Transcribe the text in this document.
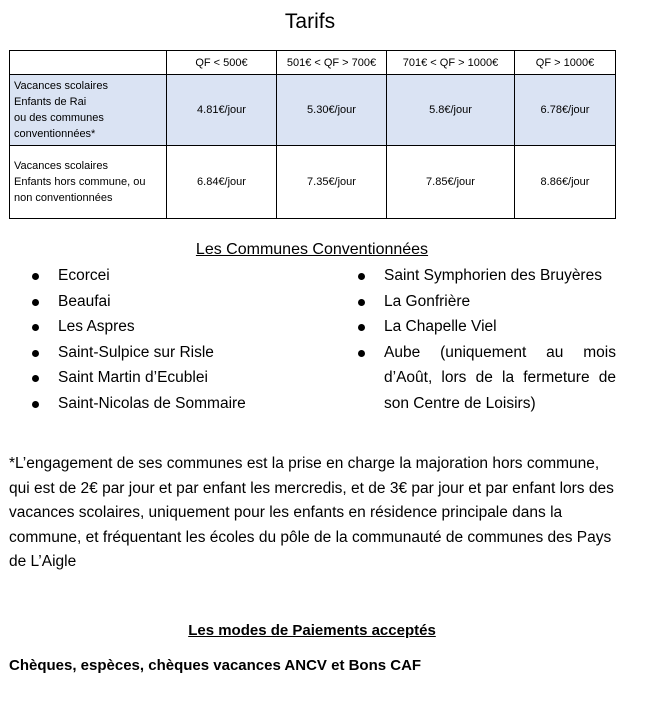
Tarifs
	QF < 500€	501€ < QF > 700€	701€ < QF > 1000€	QF > 1000€

Vacances scolaires
Enfants de Rai
ou des communes
conventionnées*	4.81€/jour	5.30€/jour	5.8€/jour	6.78€/jour

Vacances scolaires
Enfants hors commune, ou
non conventionnées	6.84€/jour	7.35€/jour	7.85€/jour	8.86€/jour
Les Communes Conventionnées
Ecorcei
Beaufai
Les Aspres
Saint-Sulpice sur Risle
Saint Martin d’Ecublei
Saint-Nicolas de Sommaire
Saint Symphorien des Bruyères
La Gonfrière
La Chapelle Viel
Aube (uniquement au mois d’Août, lors de la fermeture de son Centre de Loisirs)

*L’engagement de ses communes est la prise en charge la majoration hors commune, qui est de 2€ par jour et par enfant les mercredis, et de 3€ par jour et par enfant lors des vacances scolaires, uniquement pour les enfants en résidence principale dans la commune, et fréquentant les écoles du pôle de la communauté de communes des Pays de L’Aigle

Les modes de Paiements acceptés
Chèques, espèces, chèques vacances ANCV et Bons CAF
